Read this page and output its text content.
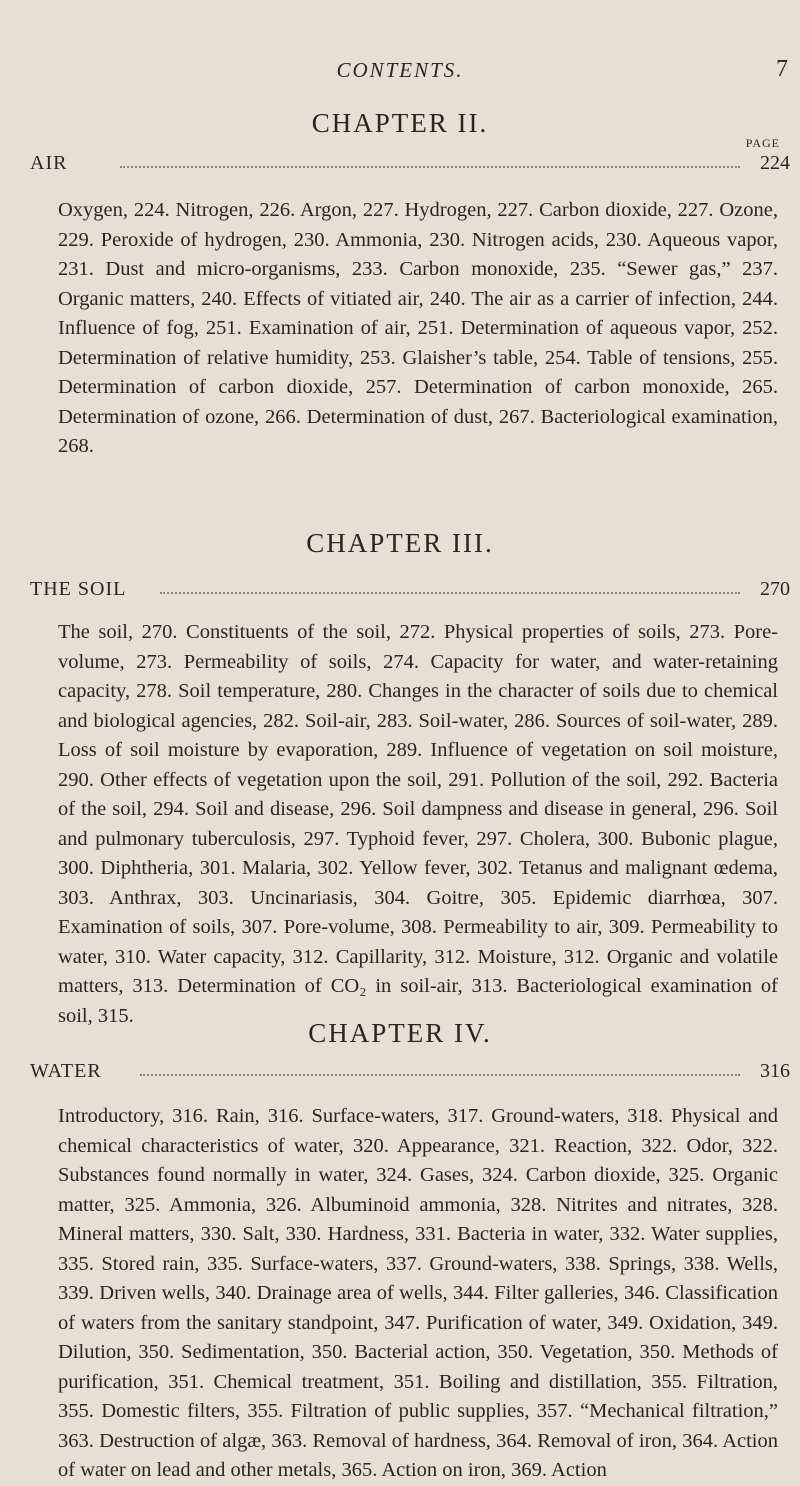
CONTENTS.	7
PAGE
CHAPTER II.
AIR	224
Oxygen, 224. Nitrogen, 226. Argon, 227. Hydrogen, 227. Carbon dioxide, 227. Ozone, 229. Peroxide of hydrogen, 230. Ammonia, 230. Nitrogen acids, 230. Aqueous vapor, 231. Dust and micro-organisms, 233. Carbon monoxide, 235. “Sewer gas,” 237. Organic matters, 240. Effects of vitiated air, 240. The air as a carrier of infection, 244. Influence of fog, 251. Examination of air, 251. Determination of aqueous vapor, 252. Determination of relative humidity, 253. Glaisher’s table, 254. Table of tensions, 255. Determination of carbon dioxide, 257. Determination of carbon monoxide, 265. Determination of ozone, 266. Determination of dust, 267. Bacteriological examination, 268.
CHAPTER III.
THE SOIL	270
The soil, 270. Constituents of the soil, 272. Physical properties of soils, 273. Pore-volume, 273. Permeability of soils, 274. Capacity for water, and water-retaining capacity, 278. Soil temperature, 280. Changes in the character of soils due to chemical and biological agencies, 282. Soil-air, 283. Soil-water, 286. Sources of soil-water, 289. Loss of soil moisture by evaporation, 289. Influence of vegetation on soil moisture, 290. Other effects of vegetation upon the soil, 291. Pollution of the soil, 292. Bacteria of the soil, 294. Soil and disease, 296. Soil dampness and disease in general, 296. Soil and pulmonary tuberculosis, 297. Typhoid fever, 297. Cholera, 300. Bubonic plague, 300. Diphtheria, 301. Malaria, 302. Yellow fever, 302. Tetanus and malignant œdema, 303. Anthrax, 303. Uncinariasis, 304. Goitre, 305. Epidemic diarrhœa, 307. Examination of soils, 307. Pore-volume, 308. Permeability to air, 309. Permeability to water, 310. Water capacity, 312. Capillarity, 312. Moisture, 312. Organic and volatile matters, 313. Determination of CO₂ in soil-air, 313. Bacteriological examination of soil, 315.
CHAPTER IV.
WATER	316
Introductory, 316. Rain, 316. Surface-waters, 317. Ground-waters, 318. Physical and chemical characteristics of water, 320. Appearance, 321. Reaction, 322. Odor, 322. Substances found normally in water, 324. Gases, 324. Carbon dioxide, 325. Organic matter, 325. Ammonia, 326. Albuminoid ammonia, 328. Nitrites and nitrates, 328. Mineral matters, 330. Salt, 330. Hardness, 331. Bacteria in water, 332. Water supplies, 335. Stored rain, 335. Surface-waters, 337. Ground-waters, 338. Springs, 338. Wells, 339. Driven wells, 340. Drainage area of wells, 344. Filter galleries, 346. Classification of waters from the sanitary standpoint, 347. Purification of water, 349. Oxidation, 349. Dilution, 350. Sedimentation, 350. Bacterial action, 350. Vegetation, 350. Methods of purification, 351. Chemical treatment, 351. Boiling and distillation, 355. Filtration, 355. Domestic filters, 355. Filtration of public supplies, 357. “Mechanical filtration,” 363. Destruction of algæ, 363. Removal of hardness, 364. Removal of iron, 364. Action of water on lead and other metals, 365. Action on iron, 369. Action
